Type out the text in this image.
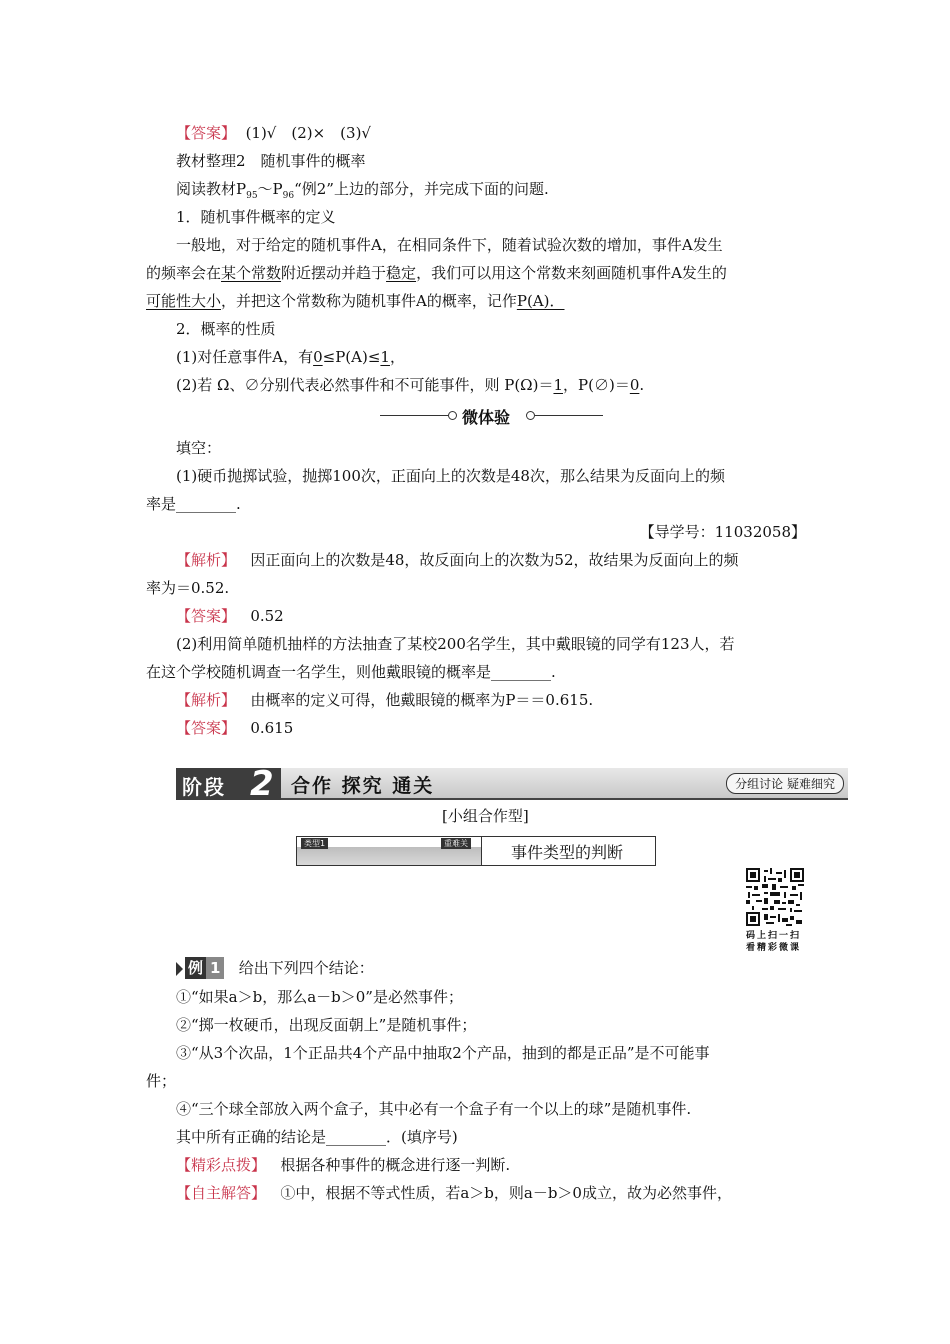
【答案】 (1)√　(2)×　(3)√
教材整理2　随机事件的概率
阅读教材$P_{95}\sim P_{96}“$例2”上边的部分，并完成下面的问题.
1．随机事件概率的定义
一般地，对于给定的随机事件A，在相同条件下，随着试验次数的增加，事件A发生
的频率会在某个常数附近摆动并趋于稳定，我们可以用这个常数来刻画随机事件A发生的
可能性大小，并把这个常数称为随机事件A的概率，记作P(A)．
2．概率的性质
(1)对任意事件A，有0≤P(A)≤1，
(2)若 Ω、∅分别代表必然事件和不可能事件，则 P(Ω)＝1，P(∅)＝0.
微体验
填空：
(1)硬币抛掷试验，抛掷100次，正面向上的次数是48次，那么结果为反面向上的频
率是________.
【导学号：11032058】
【解析】 因正面向上的次数是48，故反面向上的次数为52，故结果为反面向上的频
率为＝0.52.
【答案】 0.52
(2)利用简单随机抽样的方法抽查了某校200名学生，其中戴眼镜的同学有123人，若
在这个学校随机调查一名学生，则他戴眼镜的概率是________.
【解析】 由概率的定义可得，他戴眼镜的概率为P＝＝0.615.
【答案】 0.615
阶段 2 合作 探究 通关	分组讨论 疑难细究
[小组合作型]
类型1	重难关	事件类型的判断
码上扫一扫
看精彩微课
例 1 给出下列四个结论：
①“如果a＞b，那么a－b＞0”是必然事件；
②“掷一枚硬币，出现反面朝上”是随机事件；
③“从3个次品，1个正品共4个产品中抽取2个产品，抽到的都是正品”是不可能事
件；
④“三个球全部放入两个盒子，其中必有一个盒子有一个以上的球”是随机事件.
其中所有正确的结论是________．(填序号)
【精彩点拨】 根据各种事件的概念进行逐一判断.
【自主解答】 ①中，根据不等式性质，若a＞b，则a－b＞0成立，故为必然事件，
